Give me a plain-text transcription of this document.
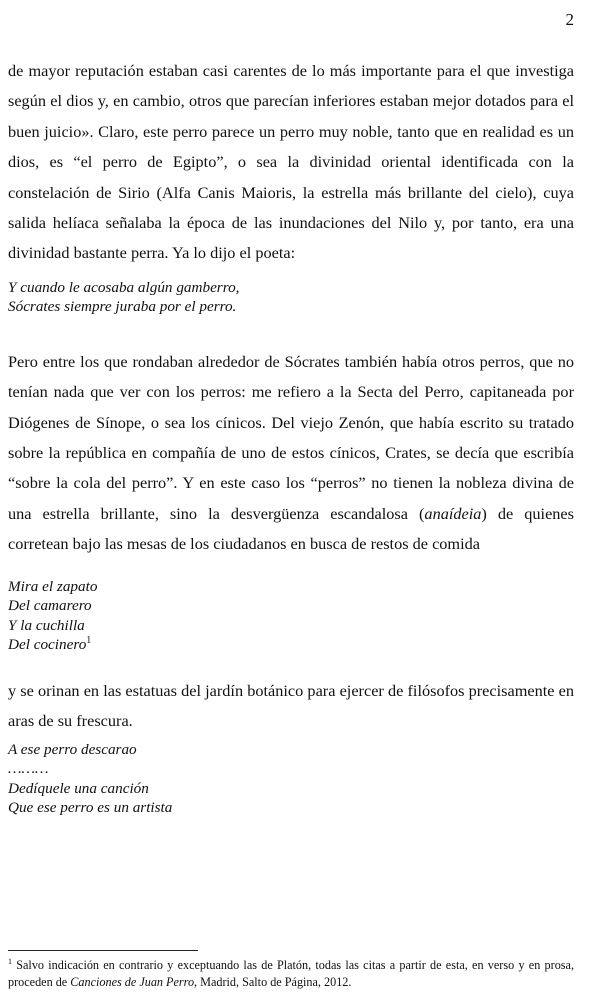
2

de mayor reputación estaban casi carentes de lo más importante para el que investiga según el dios y, en cambio, otros que parecían inferiores estaban mejor dotados para el buen juicio». Claro, este perro parece un perro muy noble, tanto que en realidad es un dios, es “el perro de Egipto”, o sea la divinidad oriental identificada con la constelación de Sirio (Alfa Canis Maioris, la estrella más brillante del cielo), cuya salida helíaca señalaba la época de las inundaciones del Nilo y, por tanto, era una divinidad bastante perra. Ya lo dijo el poeta:

Y cuando le acosaba algún gamberro,
Sócrates siempre juraba por el perro.

Pero entre los que rondaban alrededor de Sócrates también había otros perros, que no tenían nada que ver con los perros: me refiero a la Secta del Perro, capitaneada por Diógenes de Sínope, o sea los cínicos. Del viejo Zenón, que había escrito su tratado sobre la república en compañía de uno de estos cínicos, Crates, se decía que escribía “sobre la cola del perro”. Y en este caso los “perros” no tienen la nobleza divina de una estrella brillante, sino la desvergüenza escandalosa (anaídeia) de quienes corretean bajo las mesas de los ciudadanos en busca de restos de comida

Mira el zapato
Del camarero
Y la cuchilla
Del cocinero$^1$

y se orinan en las estatuas del jardín botánico para ejercer de filósofos precisamente en aras de su frescura.

A ese perro descarao
………
Dedíquele una canción
Que ese perro es un artista
$^1$ Salvo indicación en contrario y exceptuando las de Platón, todas las citas a partir de esta, en verso y en prosa, proceden de Canciones de Juan Perro, Madrid, Salto de Página, 2012.
